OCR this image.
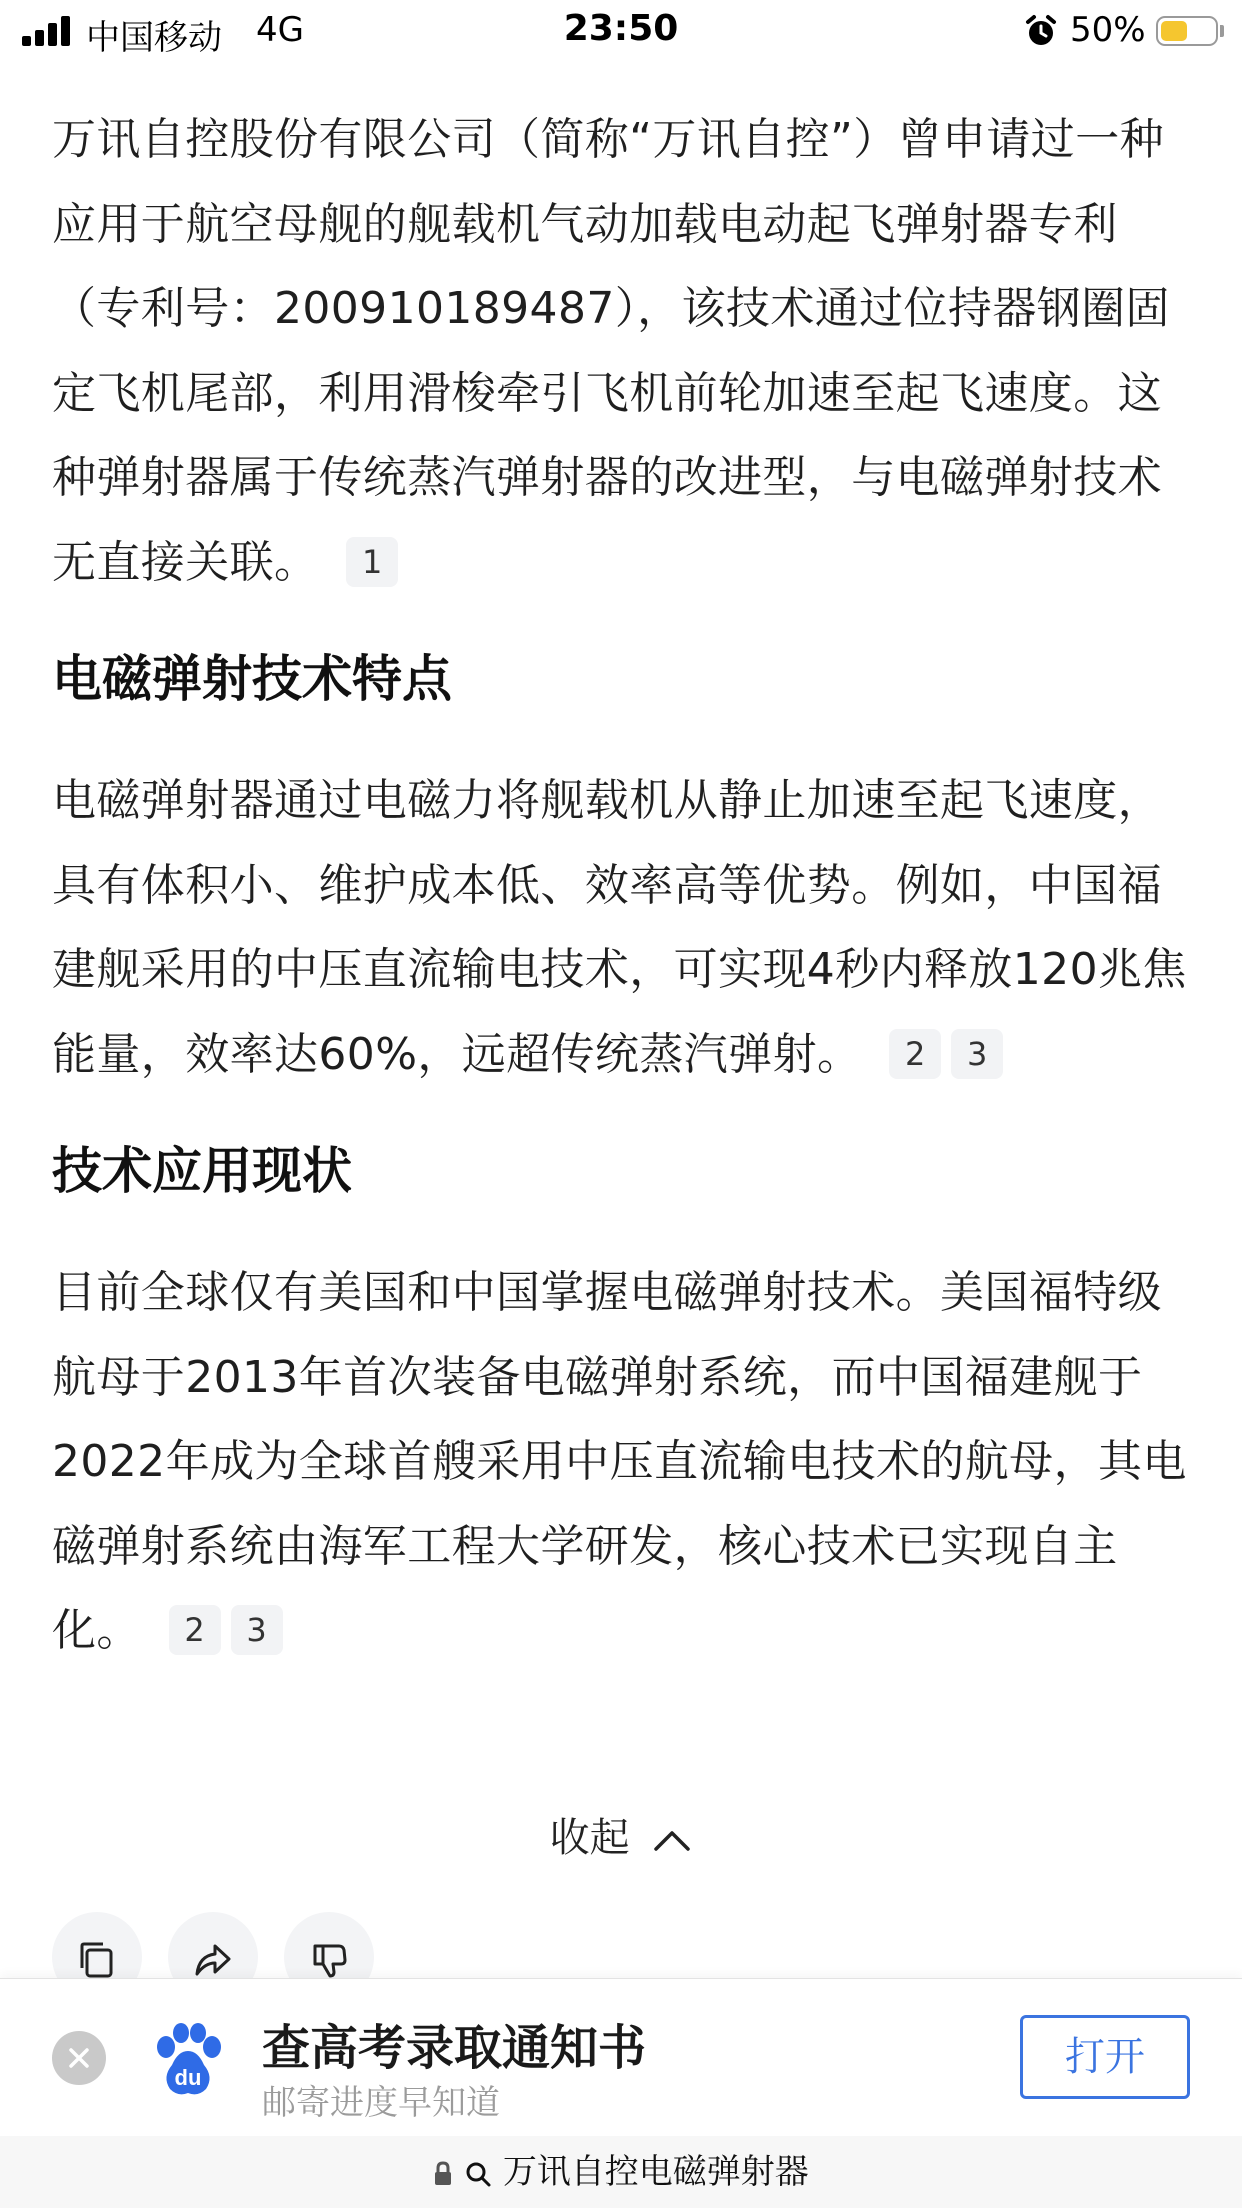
中国移动 4G	23:50	50%

万讯自控股份有限公司（简称“万讯自控”）曾申请过一种应用于航空母舰的舰载机气动加载电动起飞弹射器专利（专利号：200910189487），该技术通过位持器钢圈固定飞机尾部，利用滑梭牵引飞机前轮加速至起飞速度。这种弹射器属于传统蒸汽弹射器的改进型，与电磁弹射技术无直接关联。 1

电磁弹射技术特点

电磁弹射器通过电磁力将舰载机从静止加速至起飞速度，具有体积小、维护成本低、效率高等优势。例如，中国福建舰采用的中压直流输电技术，可实现4秒内释放120兆焦能量，效率达60%，远超传统蒸汽弹射。 2 3

技术应用现状

目前全球仅有美国和中国掌握电磁弹射技术。美国福特级航母于2013年首次装备电磁弹射系统，而中国福建舰于2022年成为全球首艘采用中压直流输电技术的航母，其电磁弹射系统由海军工程大学研发，核心技术已实现自主化。 2 3

收起
du
查高考录取通知书
邮寄进度早知道
打开
万讯自控电磁弹射器
